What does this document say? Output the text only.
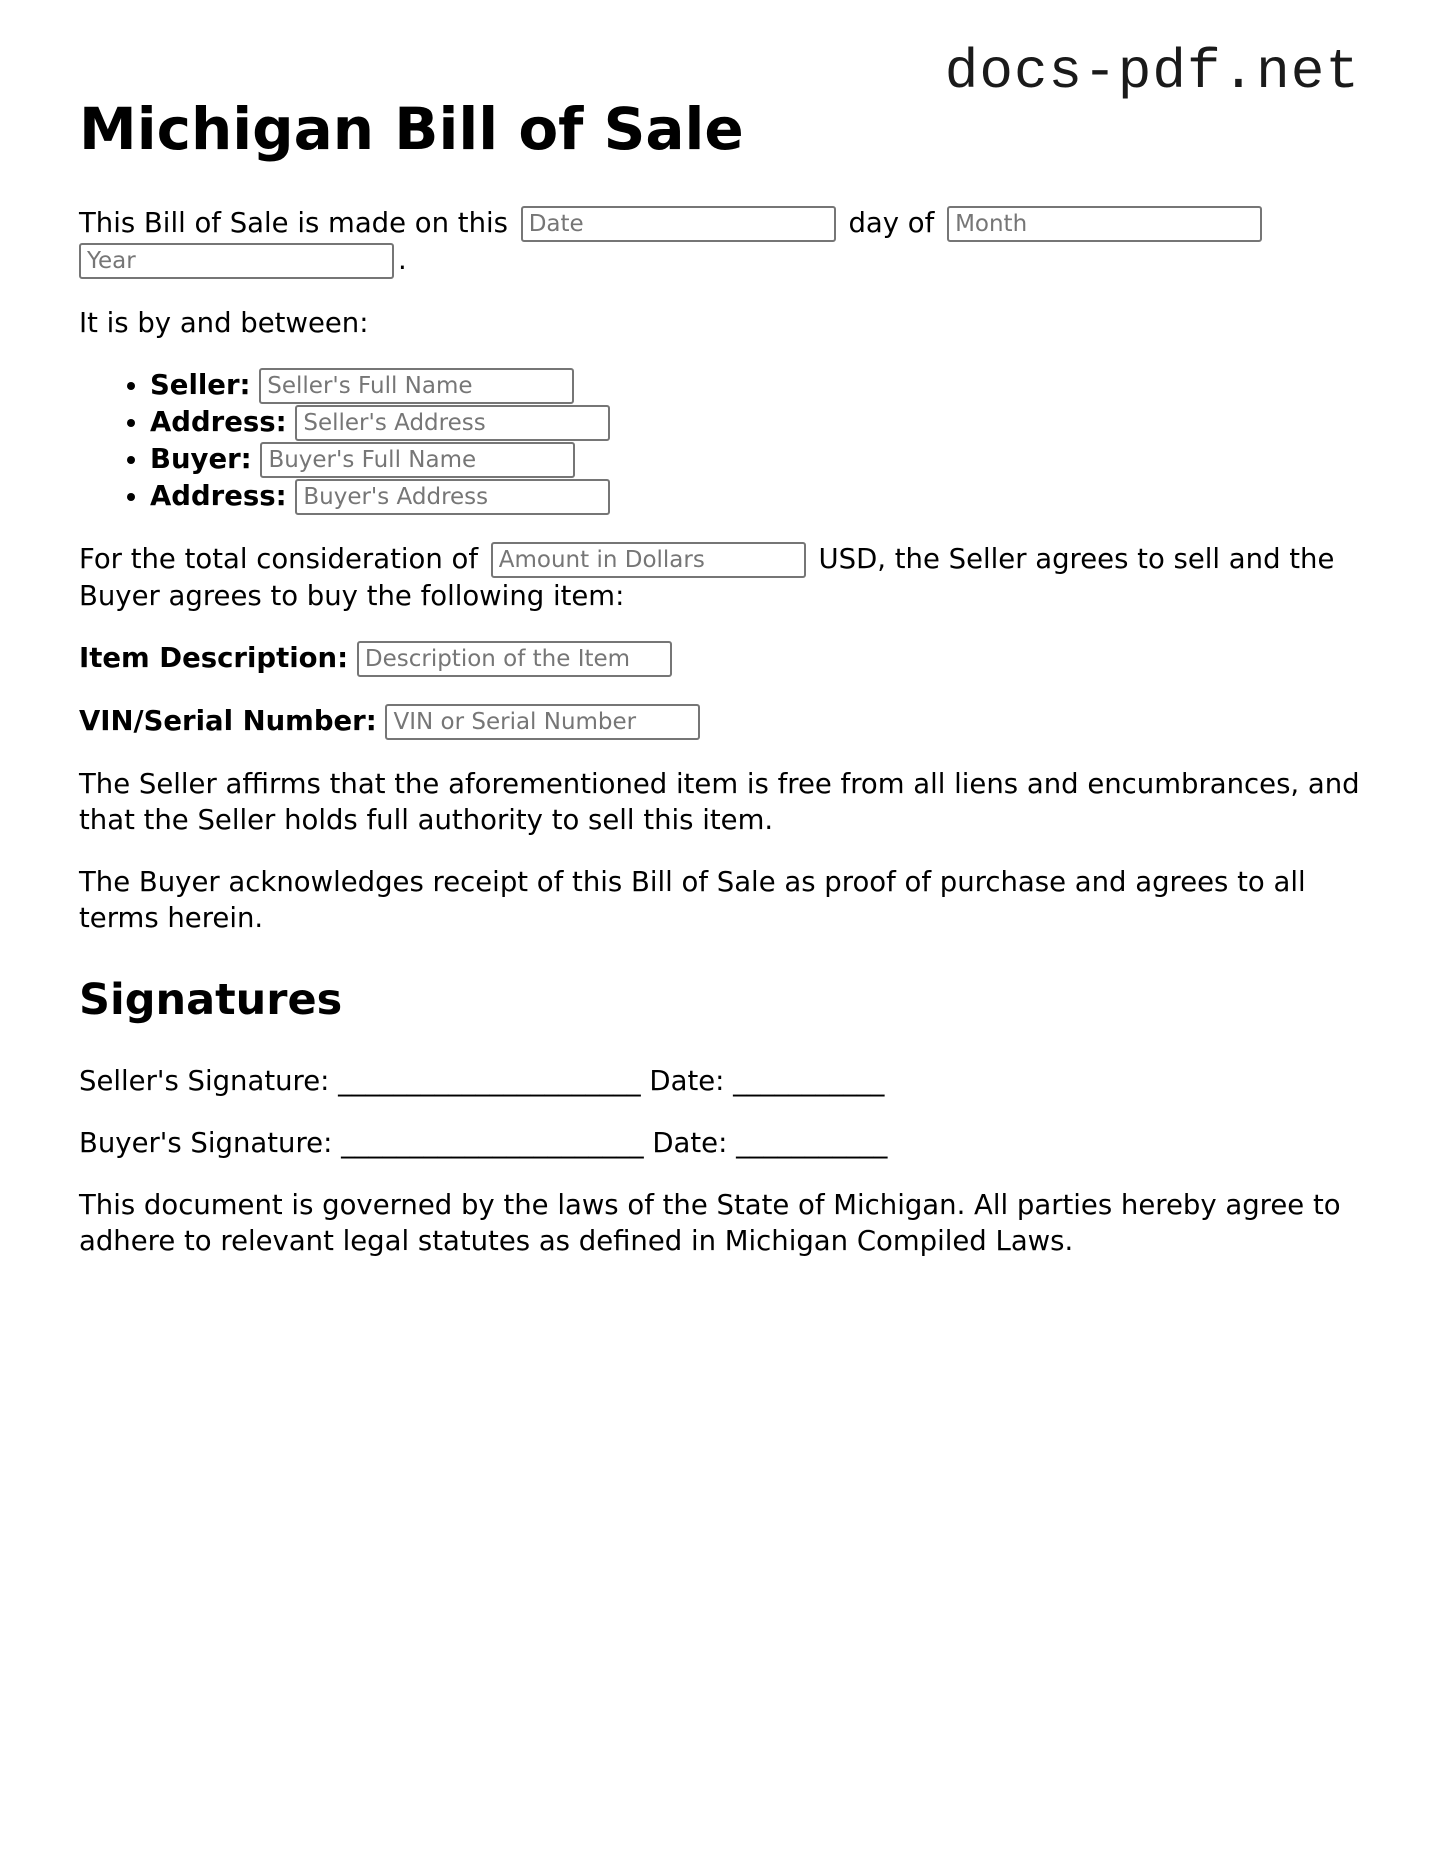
docs-pdf.net
Michigan Bill of Sale

This Bill of Sale is made on this Date	day of Month
Year.

It is by and between:

• Seller: Seller's Full Name
• Address: Seller's Address
• Buyer: Buyer's Full Name
• Address: Buyer's Address

For the total consideration of Amount in Dollars	USD, the Seller agrees to sell and the Buyer agrees to buy the following item:

Item Description: Description of the Item

VIN/Serial Number: VIN or Serial Number

The Seller affirms that the aforementioned item is free from all liens and encumbrances, and that the Seller holds full authority to sell this item.

The Buyer acknowledges receipt of this Bill of Sale as proof of purchase and agrees to all terms herein.

Signatures

Seller's Signature: ______________________ Date: ___________

Buyer's Signature: ______________________ Date: ___________

This document is governed by the laws of the State of Michigan. All parties hereby agree to adhere to relevant legal statutes as defined in Michigan Compiled Laws.
